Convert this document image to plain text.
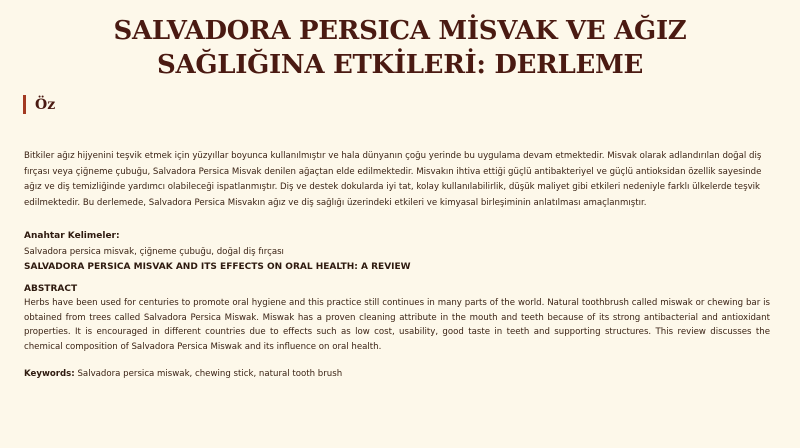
SALVADORA PERSICA MİSVAK VE AĞIZ SAĞLIĞINA ETKİLERİ: DERLEME
Öz

Bitkiler ağız hijyenini teşvik etmek için yüzyıllar boyunca kullanılmıştır ve hala dünyanın çoğu yerinde bu uygulama devam etmektedir. Misvak olarak adlandırılan doğal diş fırçası veya çiğneme çubuğu, Salvadora Persica Misvak denilen ağaçtan elde edilmektedir. Misvakın ihtiva ettiği güçlü antibakteriyel ve güçlü antioksidan özellik sayesinde ağız ve diş temizliğinde yardımcı olabileceği ispatlanmıştır. Diş ve destek dokularda iyi tat, kolay kullanılabilirlik, düşük maliyet gibi etkileri nedeniyle farklı ülkelerde teşvik edilmektedir. Bu derlemede, Salvadora Persica Misvakın ağız ve diş sağlığı üzerindeki etkileri ve kimyasal birleşiminin anlatılması amaçlanmıştır.

Anahtar Kelimeler:
Salvadora persica misvak, çiğneme çubuğu, doğal diş fırçası
SALVADORA PERSICA MISVAK AND ITS EFFECTS ON ORAL HEALTH: A REVIEW
ABSTRACT

Herbs have been used for centuries to promote oral hygiene and this practice still continues in many parts of the world. Natural toothbrush called miswak or chewing bar is obtained from trees called Salvadora Persica Miswak. Miswak has a proven cleaning attribute in the mouth and teeth because of its strong antibacterial and antioxidant properties. It is encouraged in different countries due to effects such as low cost, usability, good taste in teeth and supporting structures. This review discusses the chemical composition of Salvadora Persica Miswak and its influence on oral health.

Keywords: Salvadora persica miswak, chewing stick, natural tooth brush
